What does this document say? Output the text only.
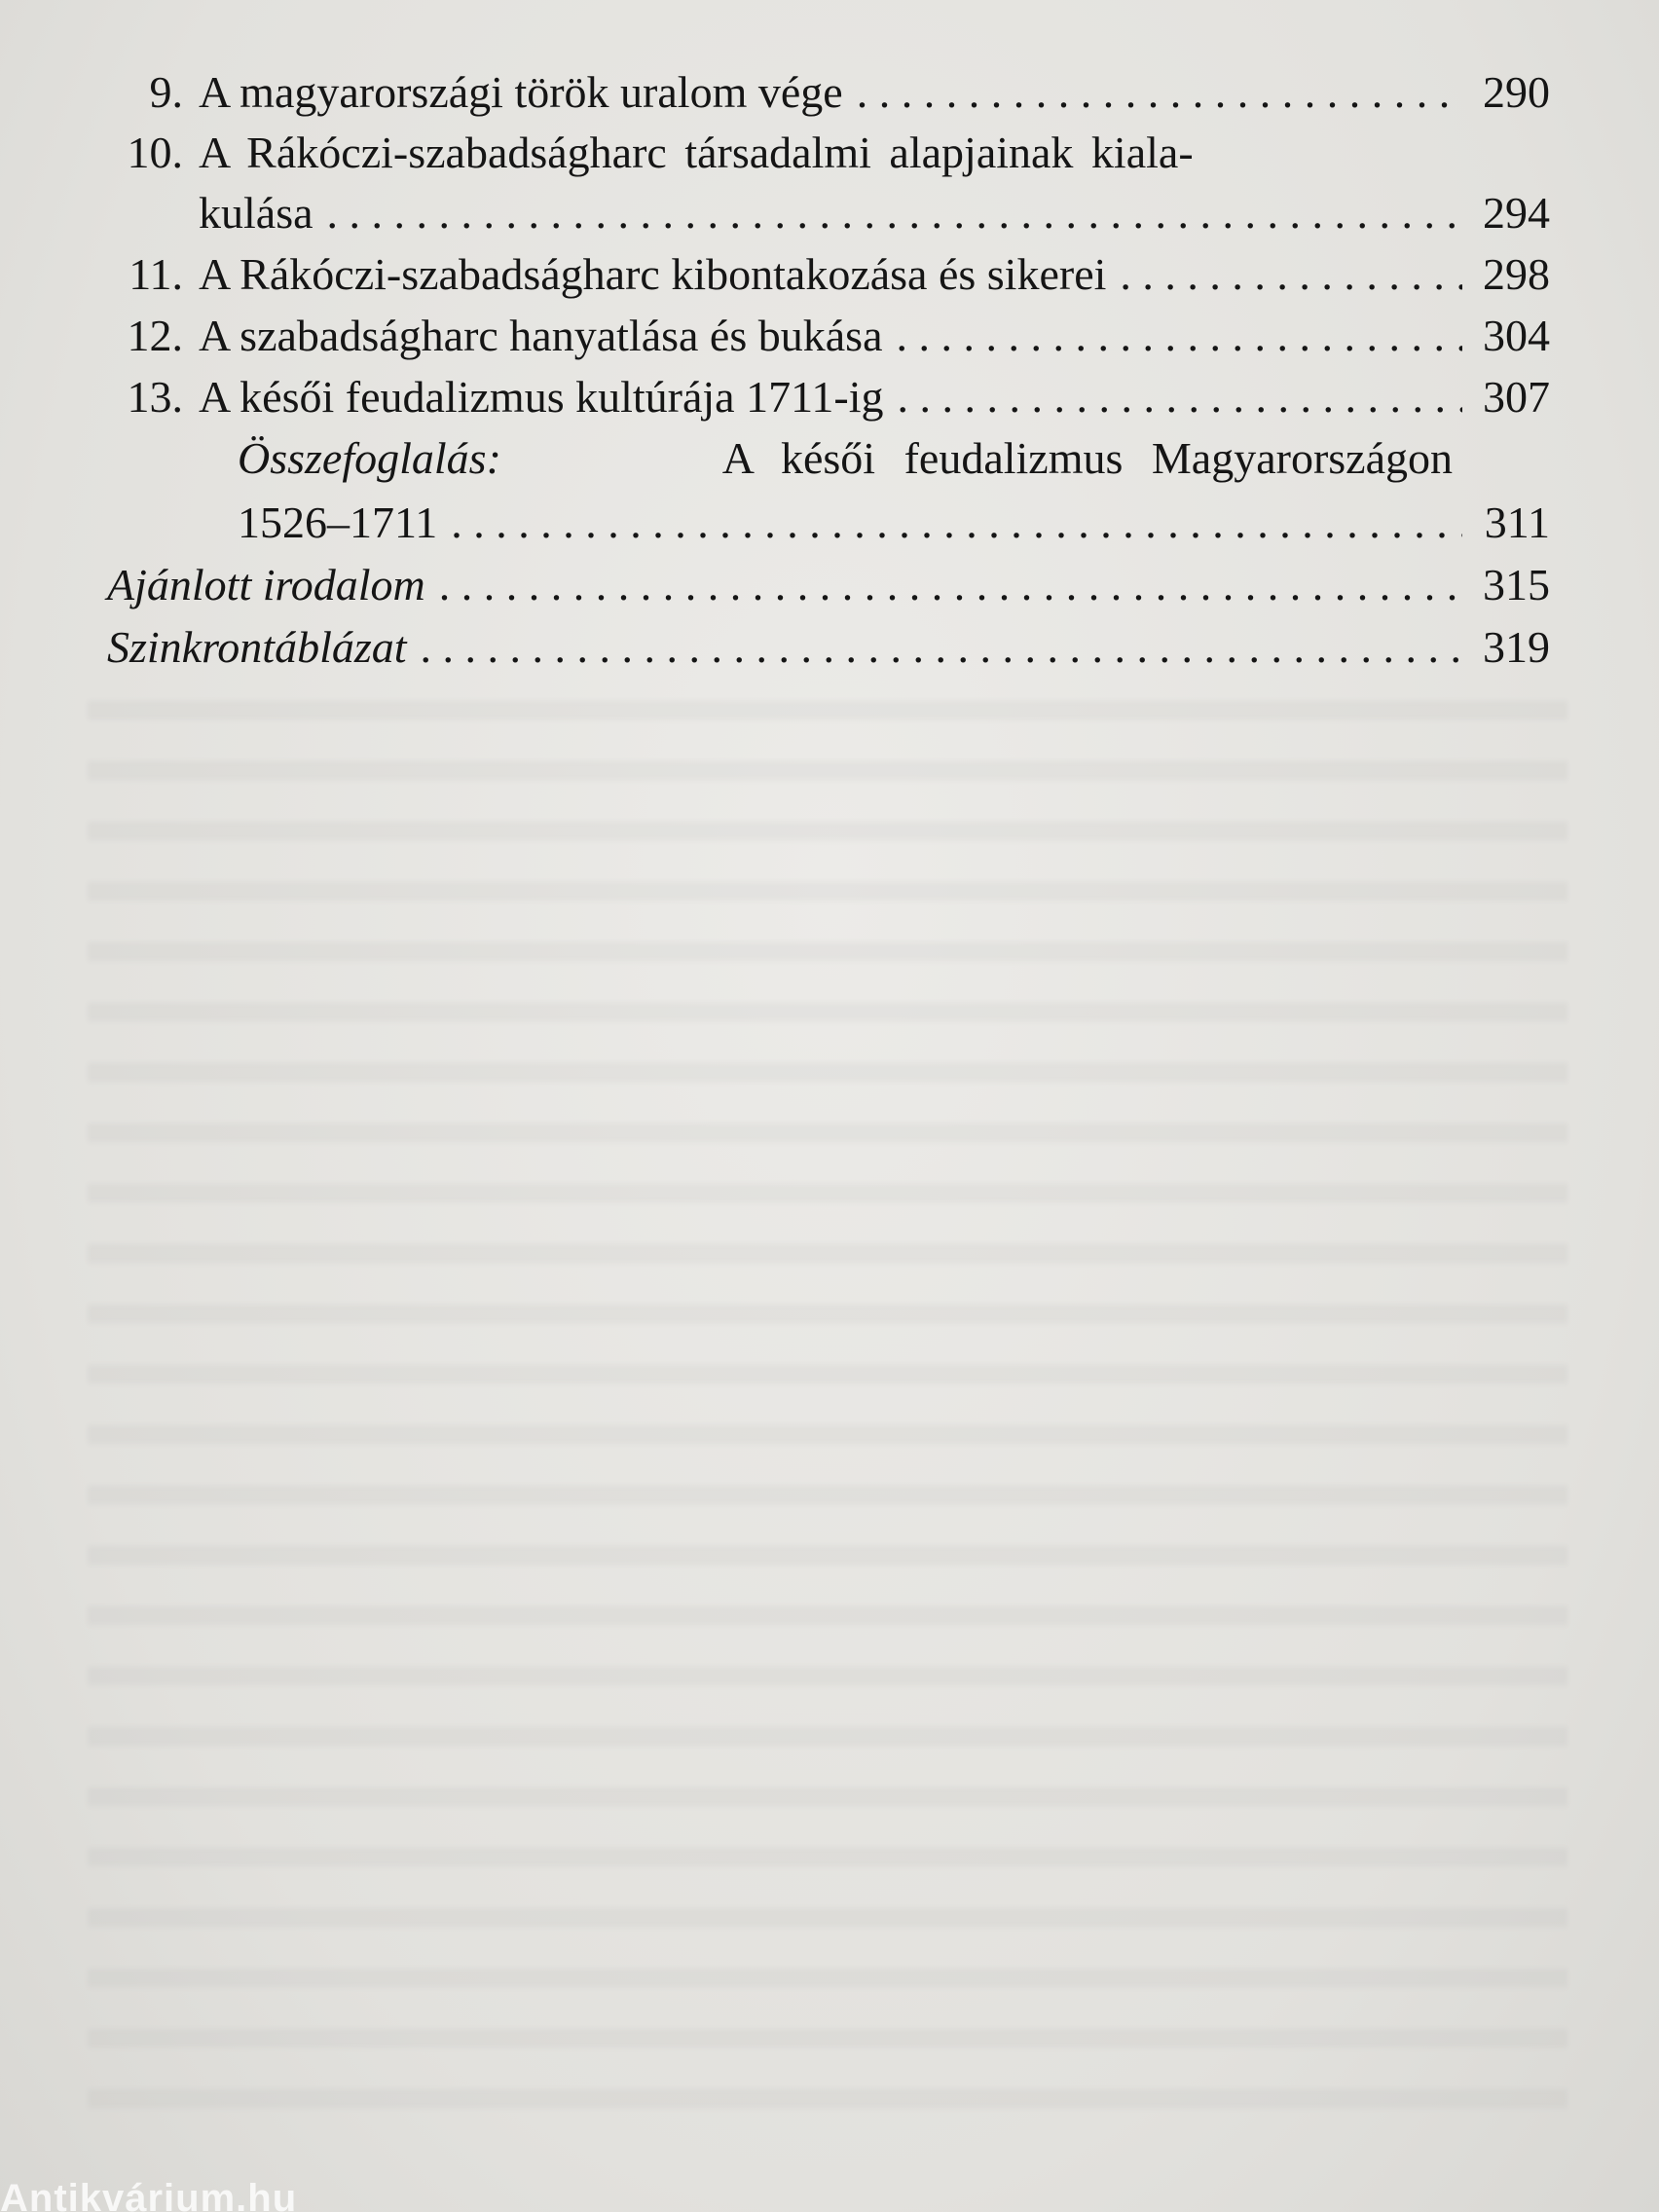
9. A magyarországi török uralom vége . . .	290
10. A Rákóczi-szabadságharc társadalmi alapjainak kiala-
kulása . . .	294
11. A Rákóczi-szabadságharc kibontakozása és sikerei . . .	298
12. A szabadságharc hanyatlása és bukása . . .	304
13. A késői feudalizmus kultúrája 1711-ig . . .	307
Összefoglalás:	A késői feudalizmus Magyarországon
1526–1711 . . .	311
Ajánlott irodalom . . .	315
Szinkrontáblázat . . .	319
Antikvárium.hu
